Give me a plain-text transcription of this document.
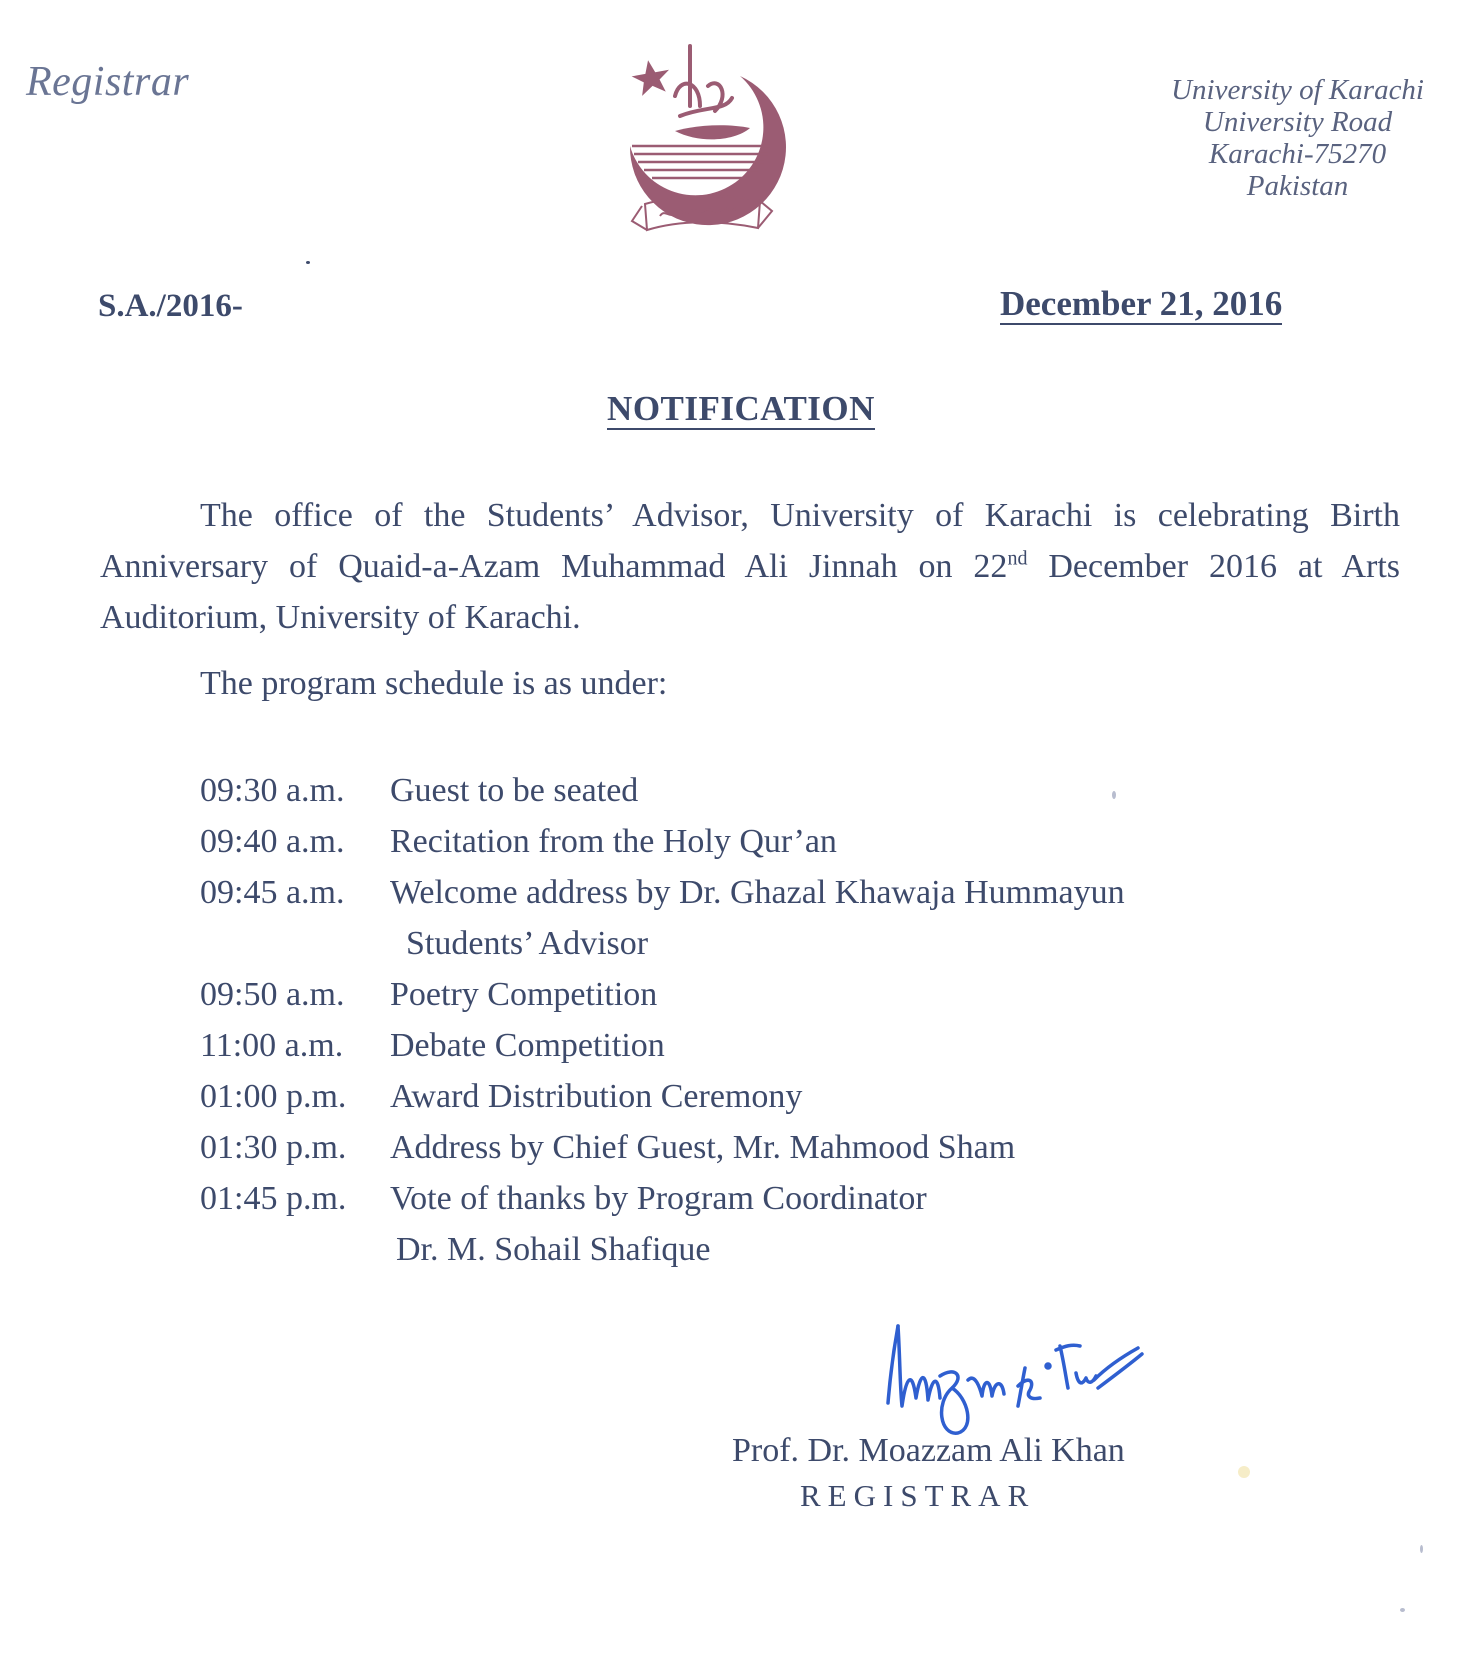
Registrar	University of Karachi
University Road
Karachi-75270
Pakistan
S.A./2016-	December 21, 2016
NOTIFICATION
The office of the Students’ Advisor, University of Karachi is celebrating Birth Anniversary of Quaid-a-Azam Muhammad Ali Jinnah on 22nd December 2016 at Arts Auditorium, University of Karachi.
The program schedule is as under:
09:30 a.m.	Guest to be seated
09:40 a.m.	Recitation from the Holy Qur’an
09:45 a.m.	Welcome address by Dr. Ghazal Khawaja Hummayun
Students’ Advisor
09:50 a.m.	Poetry Competition
11:00 a.m.	Debate Competition
01:00 p.m.	Award Distribution Ceremony
01:30 p.m.	Address by Chief Guest, Mr. Mahmood Sham
01:45 p.m.	Vote of thanks by Program Coordinator
Dr. M. Sohail Shafique
Prof. Dr. Moazzam Ali Khan
REGISTRAR
